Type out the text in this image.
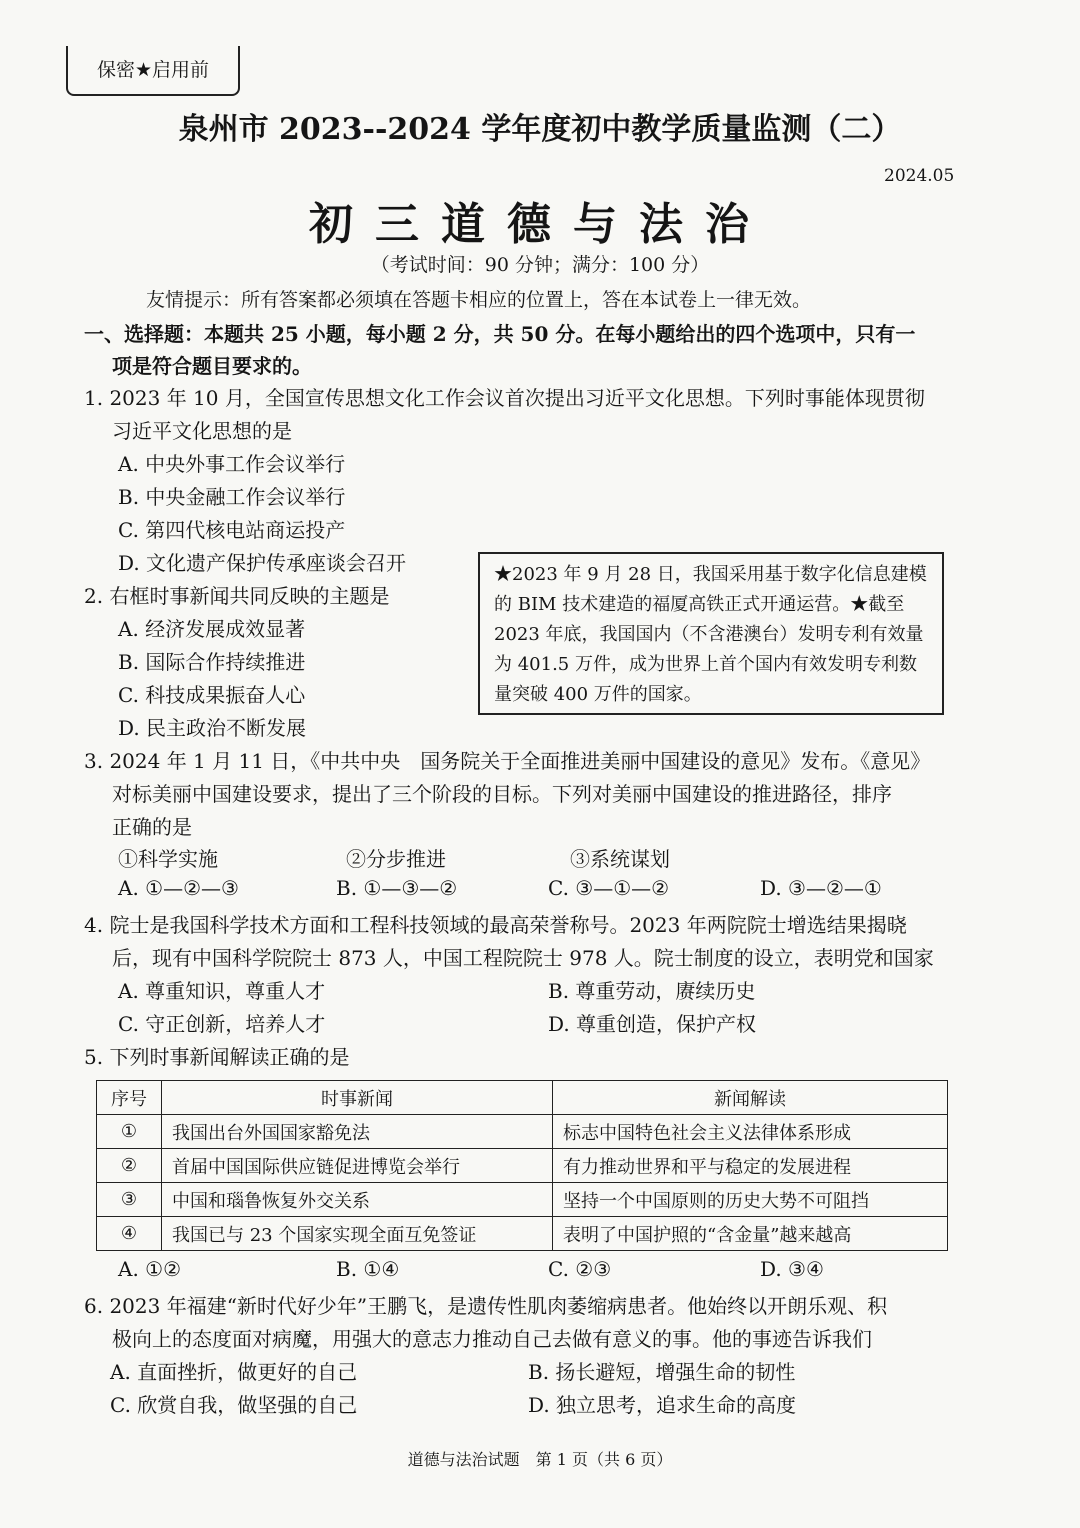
保密★启用前
泉州市 2023--2024 学年度初中教学质量监测（二）
2024.05
初三道德与法治
（考试时间：90 分钟；满分：100 分）
友情提示：所有答案都必须填在答题卡相应的位置上，答在本试卷上一律无效。
一、选择题：本题共 25 小题，每小题 2 分，共 50 分。在每小题给出的四个选项中，只有一
项是符合题目要求的。
1. 2023 年 10 月，全国宣传思想文化工作会议首次提出习近平文化思想。下列时事能体现贯彻
习近平文化思想的是
A. 中央外事工作会议举行
B. 中央金融工作会议举行
C. 第四代核电站商运投产
D. 文化遗产保护传承座谈会召开
2. 右框时事新闻共同反映的主题是
A. 经济发展成效显著
B. 国际合作持续推进
C. 科技成果振奋人心
D. 民主政治不断发展
★2023 年 9 月 28 日，我国采用基于数字化信息建模的 BIM 技术建造的福厦高铁正式开通运营。★截至 2023 年底，我国国内（不含港澳台）发明专利有效量为 401.5 万件，成为世界上首个国内有效发明专利数量突破 400 万件的国家。
3. 2024 年 1 月 11 日，《中共中央　国务院关于全面推进美丽中国建设的意见》发布。《意见》
对标美丽中国建设要求，提出了三个阶段的目标。下列对美丽中国建设的推进路径，排序
正确的是
①科学实施	②分步推进	③系统谋划
A. ①—②—③	B. ①—③—②	C. ③—①—②	D. ③—②—①
4. 院士是我国科学技术方面和工程科技领域的最高荣誉称号。2023 年两院院士增选结果揭晓
后，现有中国科学院院士 873 人，中国工程院院士 978 人。院士制度的设立，表明党和国家
A. 尊重知识，尊重人才	B. 尊重劳动，赓续历史
C. 守正创新，培养人才	D. 尊重创造，保护产权
5. 下列时事新闻解读正确的是
序号	时事新闻	新闻解读
①	我国出台外国国家豁免法	标志中国特色社会主义法律体系形成
②	首届中国国际供应链促进博览会举行	有力推动世界和平与稳定的发展进程
③	中国和瑙鲁恢复外交关系	坚持一个中国原则的历史大势不可阻挡
④	我国已与 23 个国家实现全面互免签证	表明了中国护照的“含金量”越来越高
A. ①②	B. ①④	C. ②③	D. ③④
6. 2023 年福建“新时代好少年”王鹏飞，是遗传性肌肉萎缩病患者。他始终以开朗乐观、积
极向上的态度面对病魔，用强大的意志力推动自己去做有意义的事。他的事迹告诉我们
A. 直面挫折，做更好的自己	B. 扬长避短，增强生命的韧性
C. 欣赏自我，做坚强的自己	D. 独立思考，追求生命的高度
道德与法治试题　第 1 页（共 6 页）
